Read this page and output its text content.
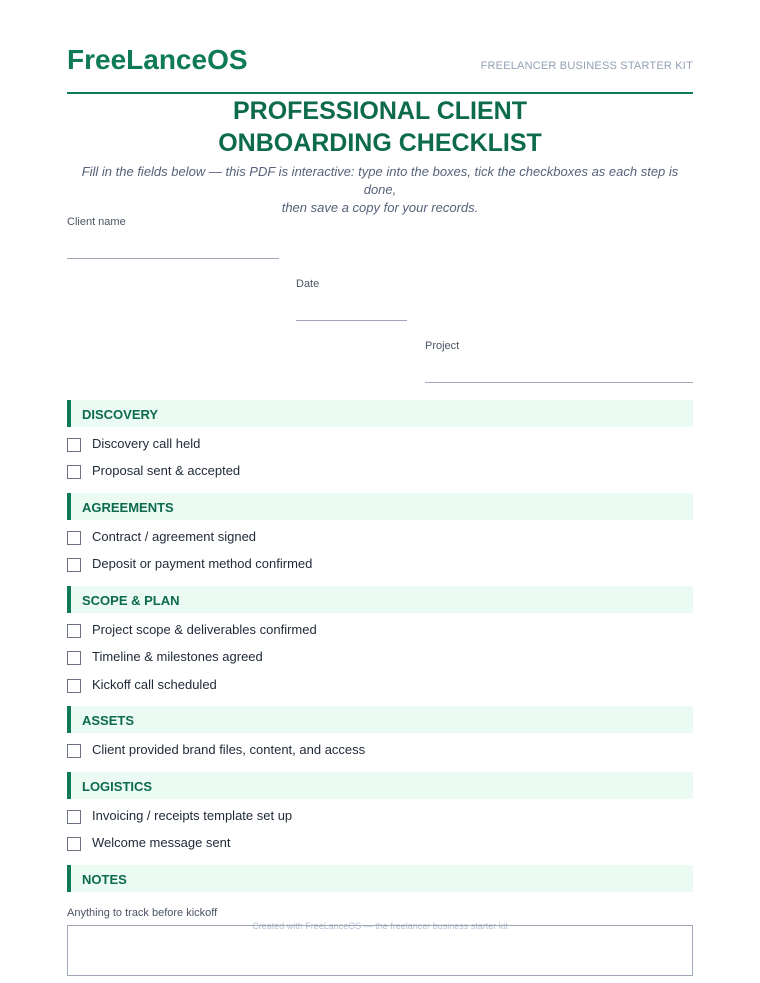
FreeLanceOS	FREELANCER BUSINESS STARTER KIT
PROFESSIONAL CLIENT
ONBOARDING CHECKLIST
Fill in the fields below — this PDF is interactive: type into the boxes, tick the checkboxes as each step is done,
then save a copy for your records.
Client name
Date
Project
DISCOVERY
Discovery call held
Proposal sent & accepted
AGREEMENTS
Contract / agreement signed
Deposit or payment method confirmed
SCOPE & PLAN
Project scope & deliverables confirmed
Timeline & milestones agreed
Kickoff call scheduled
ASSETS
Client provided brand files, content, and access
LOGISTICS
Invoicing / receipts template set up
Welcome message sent
NOTES
Anything to track before kickoff
Created with FreeLanceOS — the freelancer business starter kit
